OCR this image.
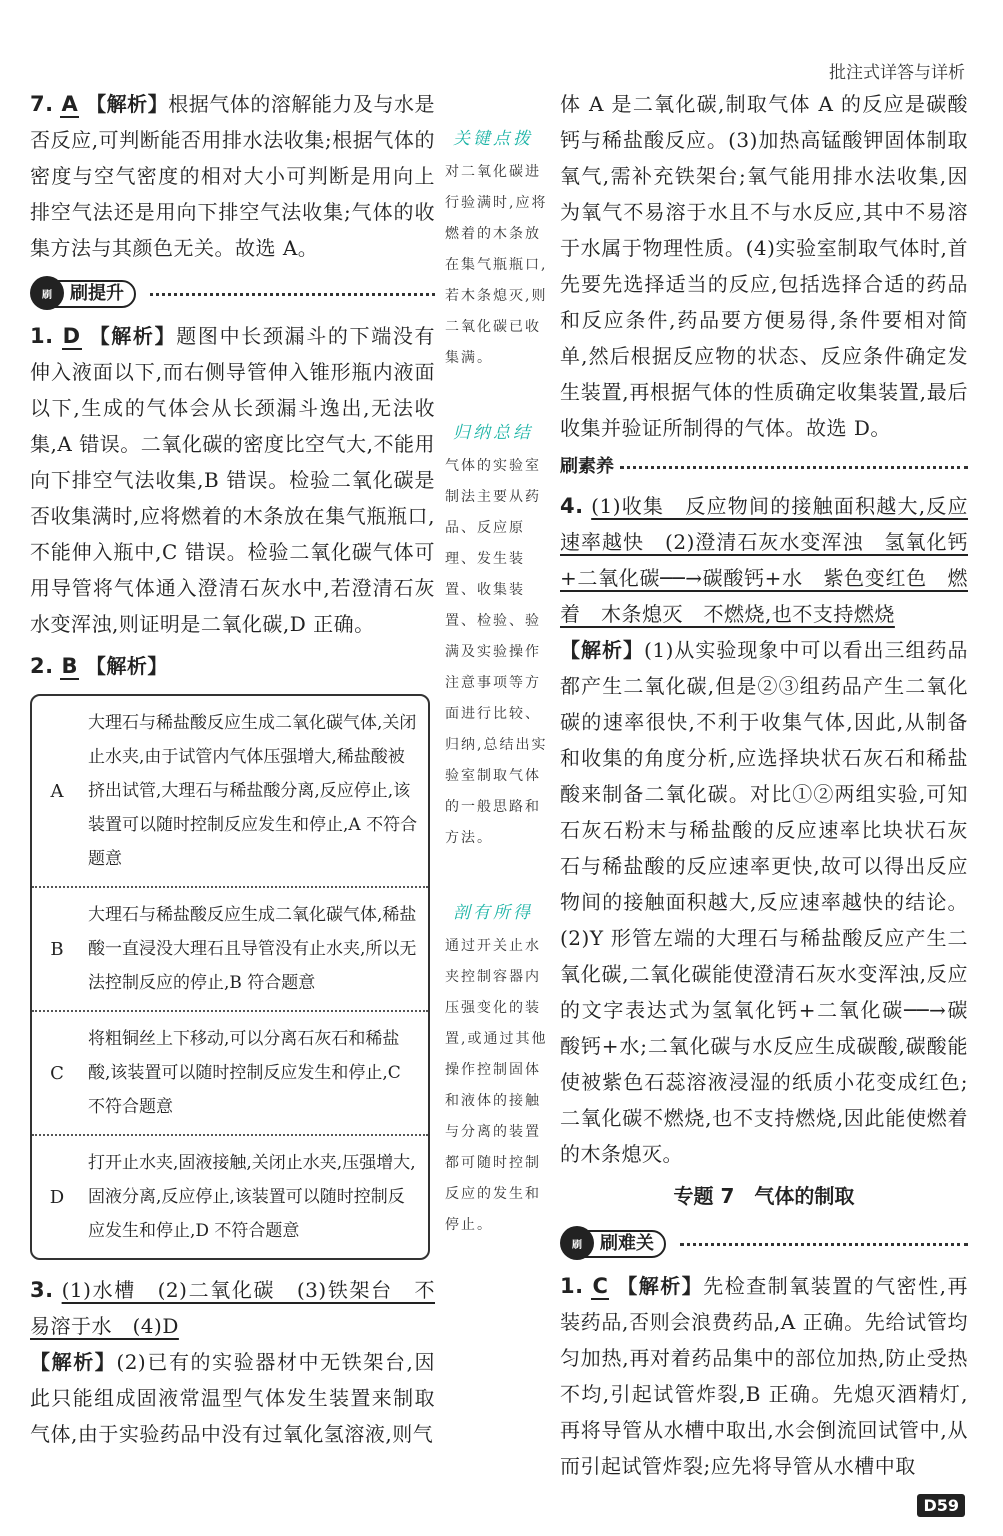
批注式详答与详析

7. A 【解析】根据气体的溶解能力及与水是否反应,可判断能否用排水法收集;根据气体的密度与空气密度的相对大小可判断是用向上排空气法还是用向下排空气法收集;气体的收集方法与其颜色无关。故选 A。

刷提升
刷

1. D 【解析】题图中长颈漏斗的下端没有伸入液面以下,而右侧导管伸入锥形瓶内液面以下,生成的气体会从长颈漏斗逸出,无法收集,A 错误。二氧化碳的密度比空气大,不能用向下排空气法收集,B 错误。检验二氧化碳是否收集满时,应将燃着的木条放在集气瓶瓶口,不能伸入瓶中,C 错误。检验二氧化碳气体可用导管将气体通入澄清石灰水中,若澄清石灰水变浑浊,则证明是二氧化碳,D 正确。

2. B 【解析】

A
大理石与稀盐酸反应生成二氧化碳气体,关闭止水夹,由于试管内气体压强增大,稀盐酸被挤出试管,大理石与稀盐酸分离,反应停止,该装置可以随时控制反应发生和停止,A 不符合题意
B
大理石与稀盐酸反应生成二氧化碳气体,稀盐酸一直浸没大理石且导管没有止水夹,所以无法控制反应的停止,B 符合题意
C
将粗铜丝上下移动,可以分离石灰石和稀盐酸,该装置可以随时控制反应发生和停止,C 不符合题意
D
打开止水夹,固液接触,关闭止水夹,压强增大,固液分离,反应停止,该装置可以随时控制反应发生和停止,D 不符合题意

3. (1)水槽　(2)二氧化碳　(3)铁架台　不易溶于水　(4)D

【解析】(2)已有的实验器材中无铁架台,因此只能组成固液常温型气体发生装置来制取气体,由于实验药品中没有过氧化氢溶液,则气

关键点拨
对二氧化碳进行验满时,应将燃着的木条放在集气瓶瓶口,若木条熄灭,则二氧化碳已收集满。
归纳总结
气体的实验室制法主要从药品、反应原理、发生装置、收集装置、检验、验满及实验操作注意事项等方面进行比较、归纳,总结出实验室制取气体的一般思路和方法。
剖有所得
通过开关止水夹控制容器内压强变化的装置,或通过其他操作控制固体和液体的接触与分离的装置都可随时控制反应的发生和停止。

体 A 是二氧化碳,制取气体 A 的反应是碳酸钙与稀盐酸反应。(3)加热高锰酸钾固体制取氧气,需补充铁架台;氧气能用排水法收集,因为氧气不易溶于水且不与水反应,其中不易溶于水属于物理性质。(4)实验室制取气体时,首先要先选择适当的反应,包括选择合适的药品和反应条件,药品要方便易得,条件要相对简单,然后根据反应物的状态、反应条件确定发生装置,再根据气体的性质确定收集装置,最后收集并验证所制得的气体。故选 D。

刷素养

4. (1)收集　反应物间的接触面积越大,反应速率越快　(2)澄清石灰水变浑浊　氢氧化钙+二氧化碳──→碳酸钙+水　紫色变红色　燃着　木条熄灭　不燃烧,也不支持燃烧

【解析】(1)从实验现象中可以看出三组药品都产生二氧化碳,但是②③组药品产生二氧化碳的速率很快,不利于收集气体,因此,从制备和收集的角度分析,应选择块状石灰石和稀盐酸来制备二氧化碳。对比①②两组实验,可知石灰石粉末与稀盐酸的反应速率比块状石灰石与稀盐酸的反应速率更快,故可以得出反应物间的接触面积越大,反应速率越快的结论。(2)Y 形管左端的大理石与稀盐酸反应产生二氧化碳,二氧化碳能使澄清石灰水变浑浊,反应的文字表达式为氢氧化钙+二氧化碳──→碳酸钙+水;二氧化碳与水反应生成碳酸,碳酸能使被紫色石蕊溶液浸湿的纸质小花变成红色;二氧化碳不燃烧,也不支持燃烧,因此能使燃着的木条熄灭。

专题 7　气体的制取
刷难关
刷

1. C 【解析】先检查制氧装置的气密性,再装药品,否则会浪费药品,A 正确。先给试管均匀加热,再对着药品集中的部位加热,防止受热不均,引起试管炸裂,B 正确。先熄灭酒精灯,再将导管从水槽中取出,水会倒流回试管中,从而引起试管炸裂;应先将导管从水槽中取

D59
